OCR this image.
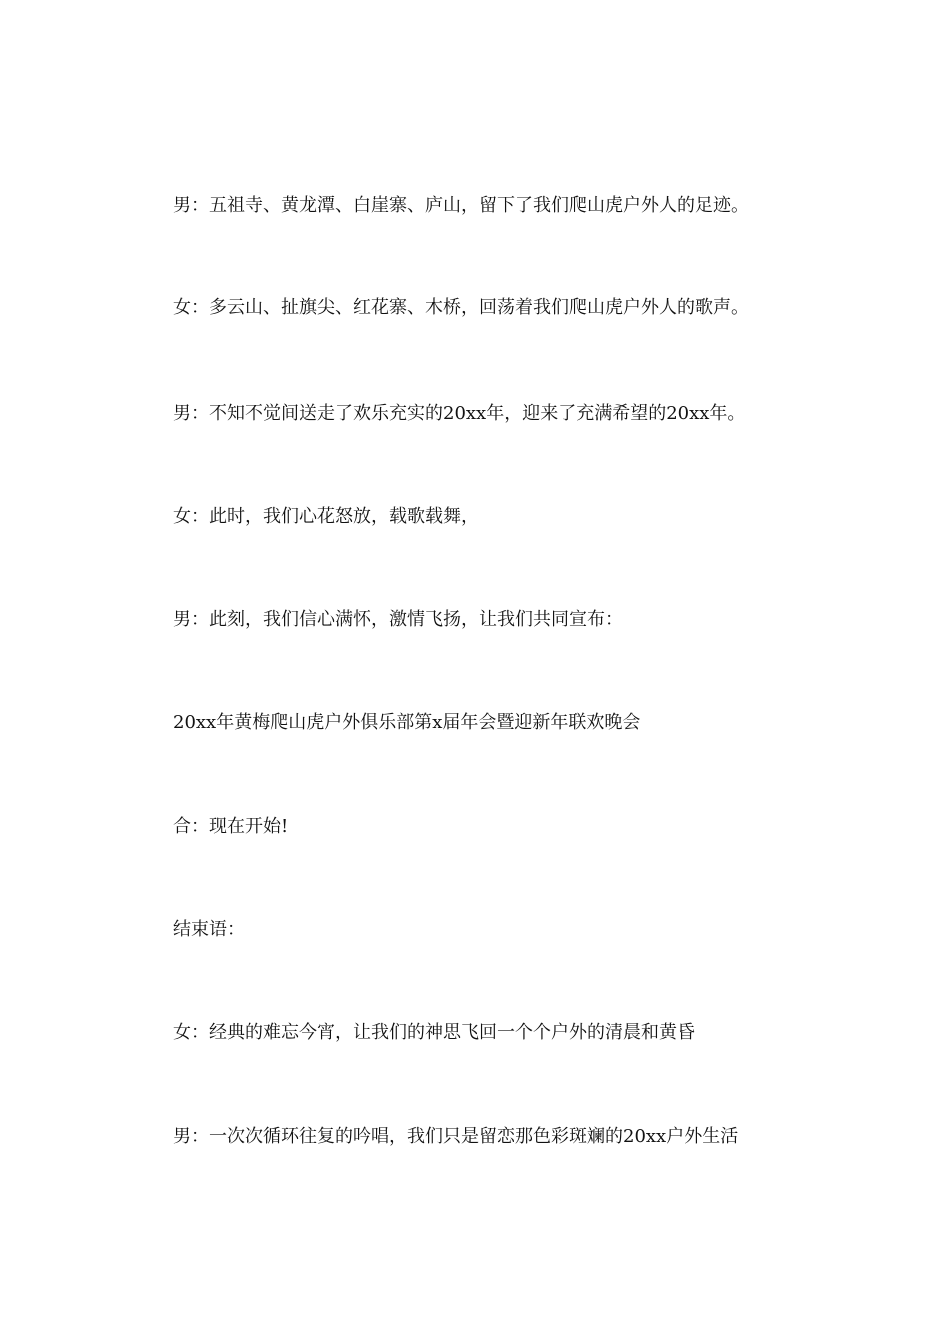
男：五祖寺、黄龙潭、白崖寨、庐山，留下了我们爬山虎户外人的足迹。

女：多云山、扯旗尖、红花寨、木桥，回荡着我们爬山虎户外人的歌声。

男：不知不觉间送走了欢乐充实的20xx年，迎来了充满希望的20xx年。

女：此时，我们心花怒放，载歌载舞，

男：此刻，我们信心满怀，激情飞扬，让我们共同宣布：

20xx年黄梅爬山虎户外俱乐部第x届年会暨迎新年联欢晚会

合：现在开始!

结束语：

女：经典的难忘今宵，让我们的神思飞回一个个户外的清晨和黄昏

男：一次次循环往复的吟唱，我们只是留恋那色彩斑斓的20xx户外生活
